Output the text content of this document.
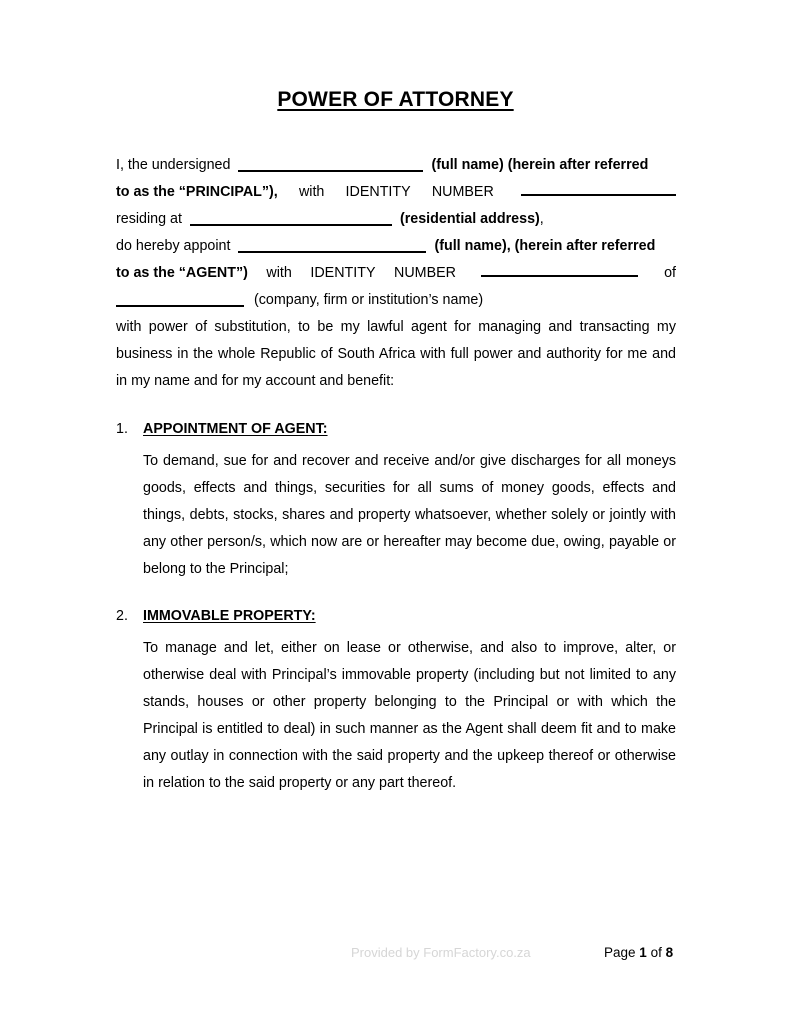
POWER OF ATTORNEY
I, the undersigned	(full name) (herein after referred
to as the “PRINCIPAL”), with IDENTITY NUMBER
residing at	(residential address),
do hereby appoint	(full name), (herein after referred
to as the “AGENT”) with IDENTITY NUMBER	of
(company, firm or institution’s name)
with power of substitution, to be my lawful agent for managing and transacting my business in the whole Republic of South Africa with full power and authority for me and in my name and for my account and benefit:
1.	APPOINTMENT OF AGENT:
To demand, sue for and recover and receive and/or give discharges for all moneys goods, effects and things, securities for all sums of money goods, effects and things, debts, stocks, shares and property whatsoever, whether solely or jointly with any other person/s, which now are or hereafter may become due, owing, payable or belong to the Principal;
2.	IMMOVABLE PROPERTY:
To manage and let, either on lease or otherwise, and also to improve, alter, or otherwise deal with Principal’s immovable property (including but not limited to any stands, houses or other property belonging to the Principal or with which the Principal is entitled to deal) in such manner as the Agent shall deem fit and to make any outlay in connection with the said property and the upkeep thereof or otherwise in relation to the said property or any part thereof.
Provided by FormFactory.co.za	Page 1 of 8
